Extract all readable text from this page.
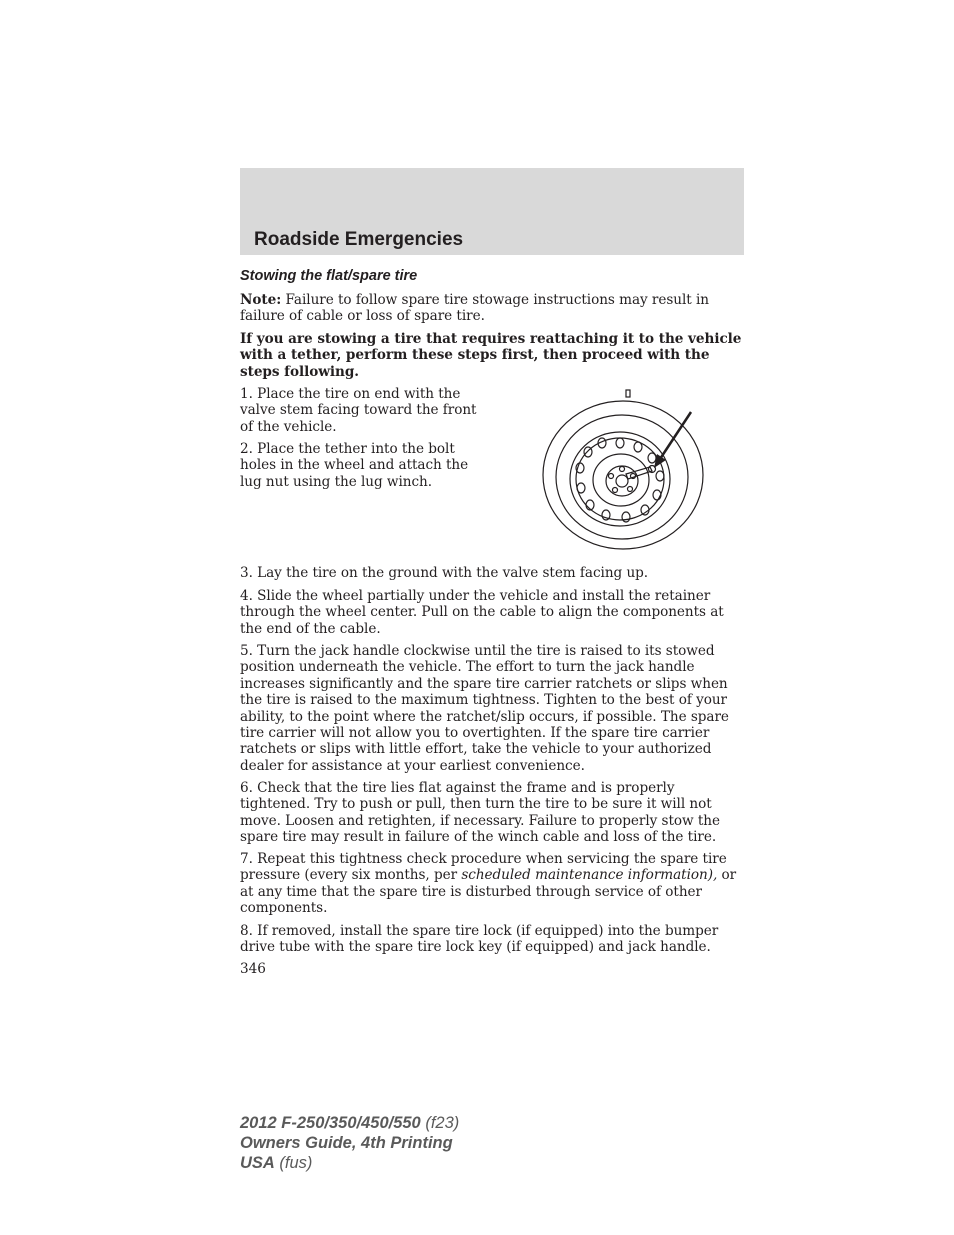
Roadside Emergencies
Stowing the flat/spare tire

Note: Failure to follow spare tire stowage instructions may result in failure of cable or loss of spare tire.

If you are stowing a tire that requires reattaching it to the vehicle with a tether, perform these steps first, then proceed with the steps following.

1. Place the tire on end with the valve stem facing toward the front of the vehicle.

2. Place the tether into the bolt holes in the wheel and attach the lug nut using the lug winch.

3. Lay the tire on the ground with the valve stem facing up.

4. Slide the wheel partially under the vehicle and install the retainer through the wheel center. Pull on the cable to align the components at the end of the cable.

5. Turn the jack handle clockwise until the tire is raised to its stowed position underneath the vehicle. The effort to turn the jack handle increases significantly and the spare tire carrier ratchets or slips when the tire is raised to the maximum tightness. Tighten to the best of your ability, to the point where the ratchet/slip occurs, if possible. The spare tire carrier will not allow you to overtighten. If the spare tire carrier ratchets or slips with little effort, take the vehicle to your authorized dealer for assistance at your earliest convenience.

6. Check that the tire lies flat against the frame and is properly tightened. Try to push or pull, then turn the tire to be sure it will not move. Loosen and retighten, if necessary. Failure to properly stow the spare tire may result in failure of the winch cable and loss of the tire.

7. Repeat this tightness check procedure when servicing the spare tire pressure (every six months, per scheduled maintenance information), or at any time that the spare tire is disturbed through service of other components.

8. If removed, install the spare tire lock (if equipped) into the bumper drive tube with the spare tire lock key (if equipped) and jack handle.

346

2012 F-250/350/450/550 (f23)
Owners Guide, 4th Printing
USA (fus)
